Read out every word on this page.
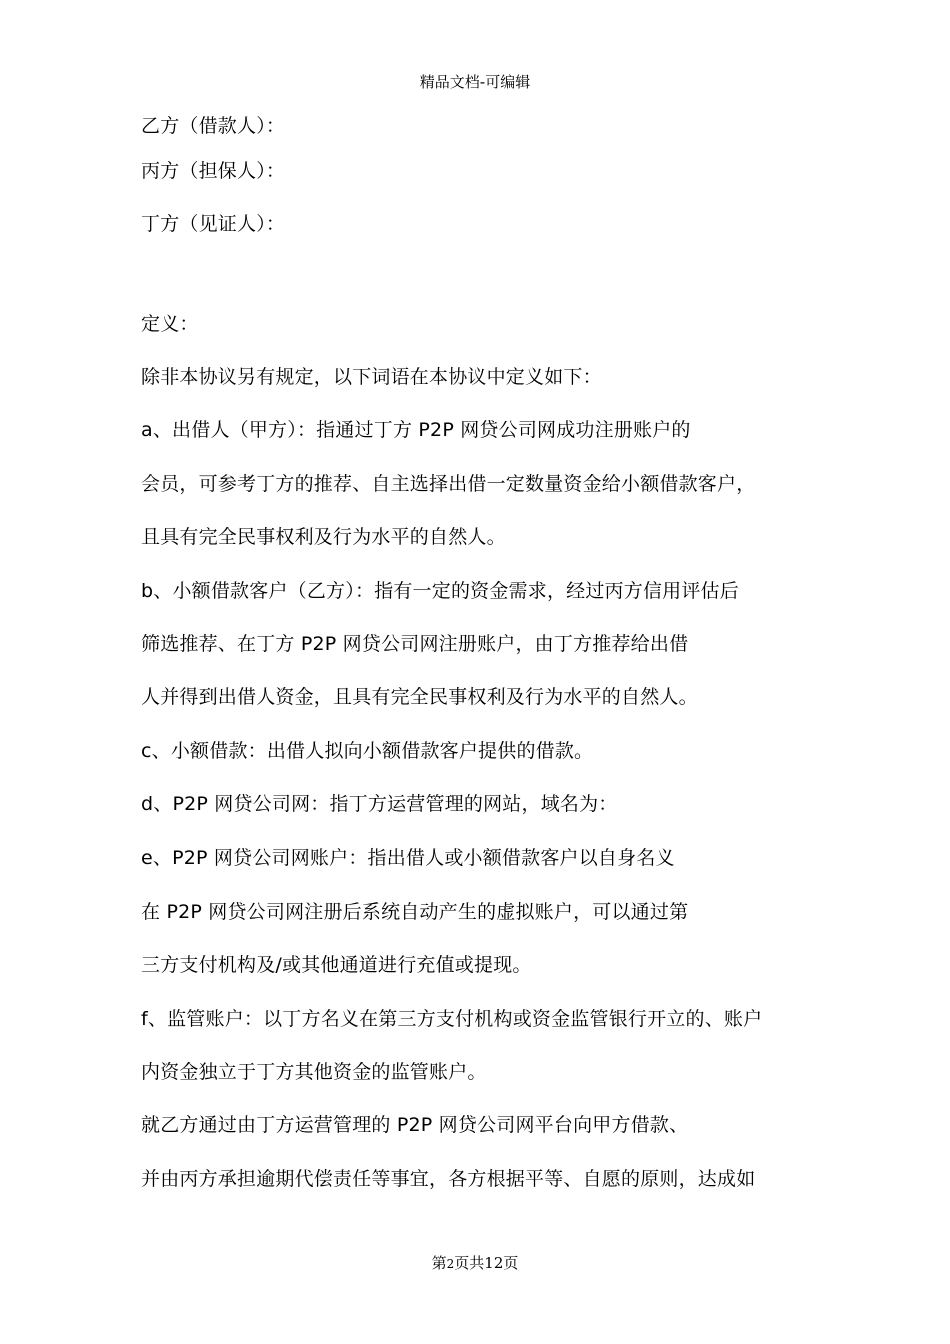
精品文档-可编辑
乙方（借款人）：
丙方（担保人）：
丁方（见证人）：
定义：
除非本协议另有规定，以下词语在本协议中定义如下：
a、出借人（甲方）：指通过丁方 P2P 网贷公司网成功注册账户的
会员，可参考丁方的推荐、自主选择出借一定数量资金给小额借款客户，
且具有完全民事权利及行为水平的自然人。
b、小额借款客户（乙方）：指有一定的资金需求，经过丙方信用评估后
筛选推荐、在丁方 P2P 网贷公司网注册账户，由丁方推荐给出借
人并得到出借人资金，且具有完全民事权利及行为水平的自然人。
c、小额借款：出借人拟向小额借款客户提供的借款。
d、P2P 网贷公司网：指丁方运营管理的网站，域名为：
e、P2P 网贷公司网账户：指出借人或小额借款客户以自身名义
在 P2P 网贷公司网注册后系统自动产生的虚拟账户，可以通过第
三方支付机构及/或其他通道进行充值或提现。
f、监管账户：以丁方名义在第三方支付机构或资金监管银行开立的、账户
内资金独立于丁方其他资金的监管账户。
就乙方通过由丁方运营管理的 P2P 网贷公司网平台向甲方借款、
并由丙方承担逾期代偿责任等事宜，各方根据平等、自愿的原则，达成如
第2页共12页
